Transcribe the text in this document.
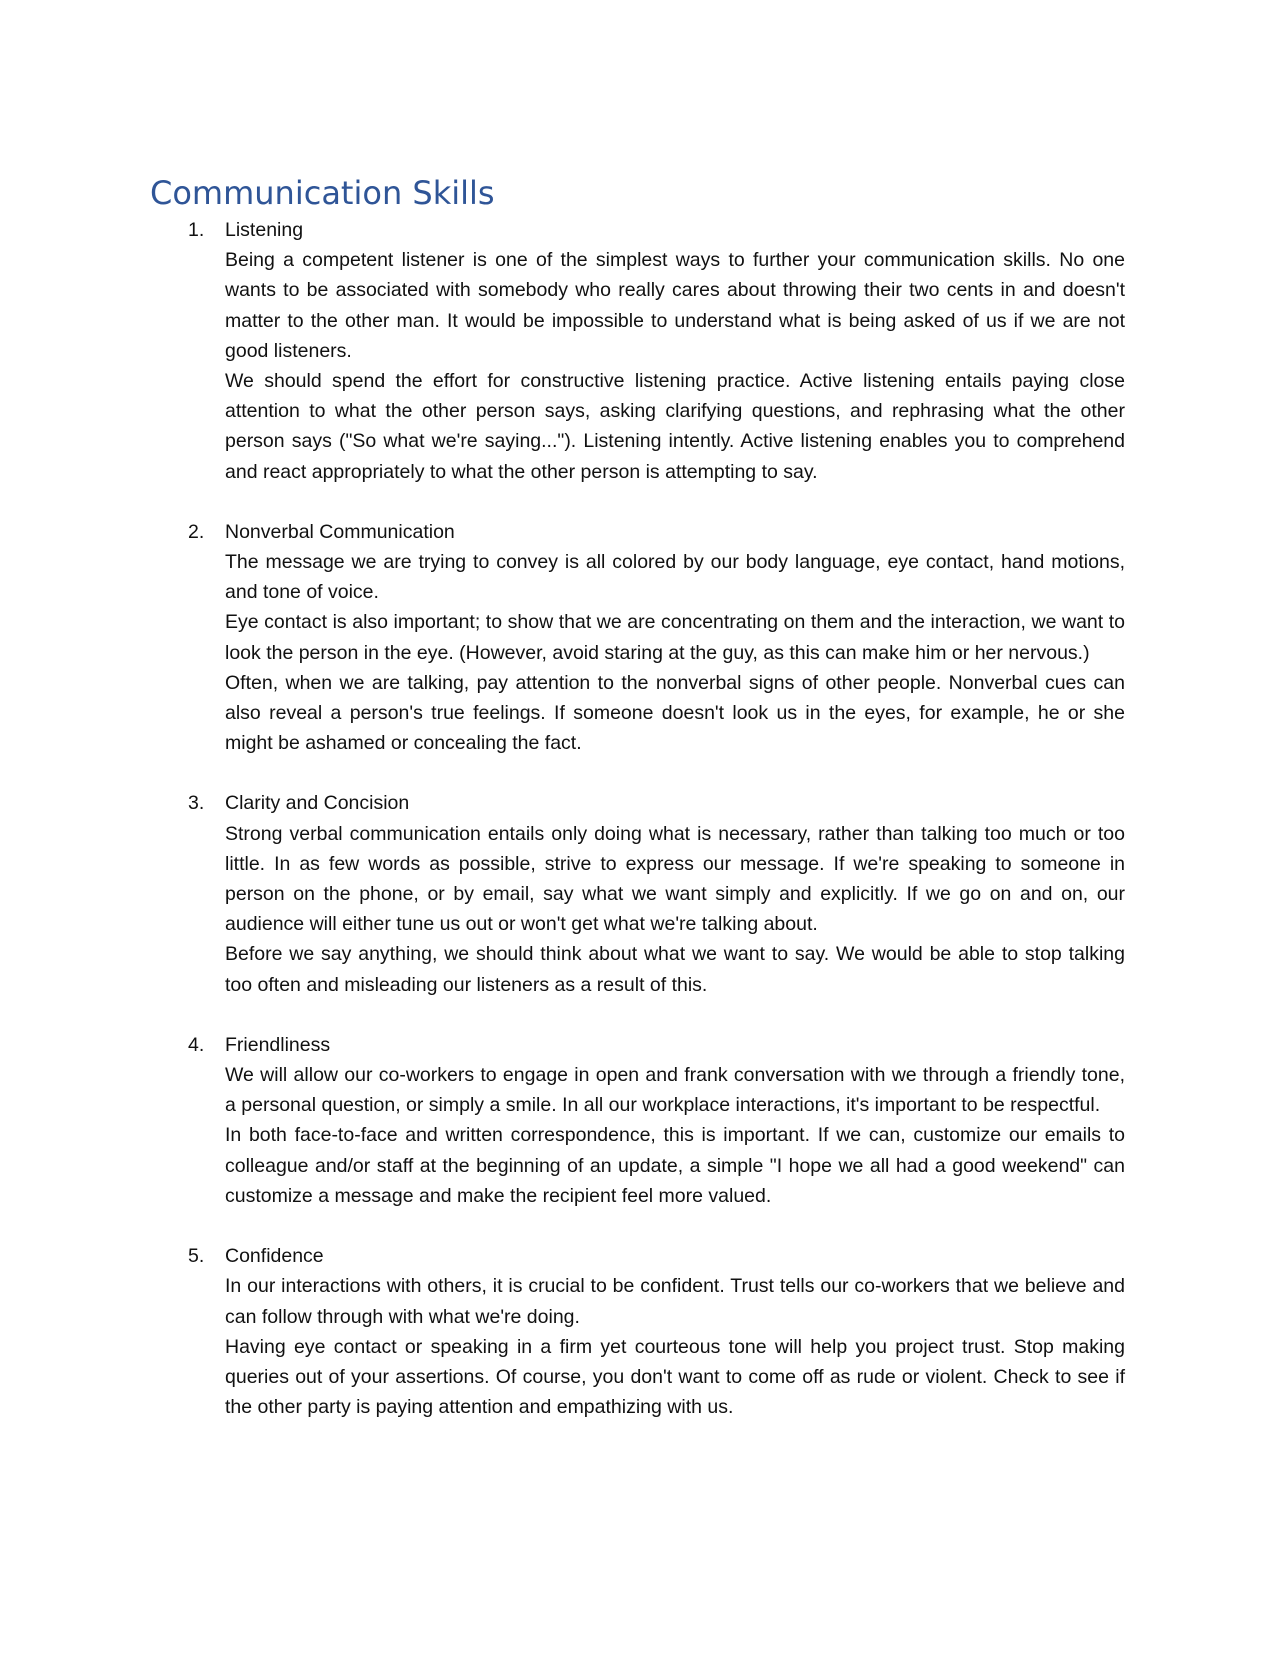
Communication Skills
1. Listening

Being a competent listener is one of the simplest ways to further your communication skills. No one wants to be associated with somebody who really cares about throwing their two cents in and doesn't matter to the other man. It would be impossible to understand what is being asked of us if we are not good listeners.

We should spend the effort for constructive listening practice. Active listening entails paying close attention to what the other person says, asking clarifying questions, and rephrasing what the other person says ("So what we're saying..."). Listening intently. Active listening enables you to comprehend and react appropriately to what the other person is attempting to say.

2. Nonverbal Communication

The message we are trying to convey is all colored by our body language, eye contact, hand motions, and tone of voice.

Eye contact is also important; to show that we are concentrating on them and the interaction, we want to look the person in the eye. (However, avoid staring at the guy, as this can make him or her nervous.)

Often, when we are talking, pay attention to the nonverbal signs of other people. Nonverbal cues can also reveal a person's true feelings. If someone doesn't look us in the eyes, for example, he or she might be ashamed or concealing the fact.

3. Clarity and Concision

Strong verbal communication entails only doing what is necessary, rather than talking too much or too little. In as few words as possible, strive to express our message. If we're speaking to someone in person on the phone, or by email, say what we want simply and explicitly. If we go on and on, our audience will either tune us out or won't get what we're talking about.

Before we say anything, we should think about what we want to say. We would be able to stop talking too often and misleading our listeners as a result of this.

4. Friendliness

We will allow our co-workers to engage in open and frank conversation with we through a friendly tone, a personal question, or simply a smile. In all our workplace interactions, it's important to be respectful.

In both face-to-face and written correspondence, this is important. If we can, customize our emails to colleague and/or staff at the beginning of an update, a simple "I hope we all had a good weekend" can customize a message and make the recipient feel more valued.

5. Confidence

In our interactions with others, it is crucial to be confident. Trust tells our co-workers that we believe and can follow through with what we're doing.

Having eye contact or speaking in a firm yet courteous tone will help you project trust. Stop making queries out of your assertions. Of course, you don't want to come off as rude or violent. Check to see if the other party is paying attention and empathizing with us.
